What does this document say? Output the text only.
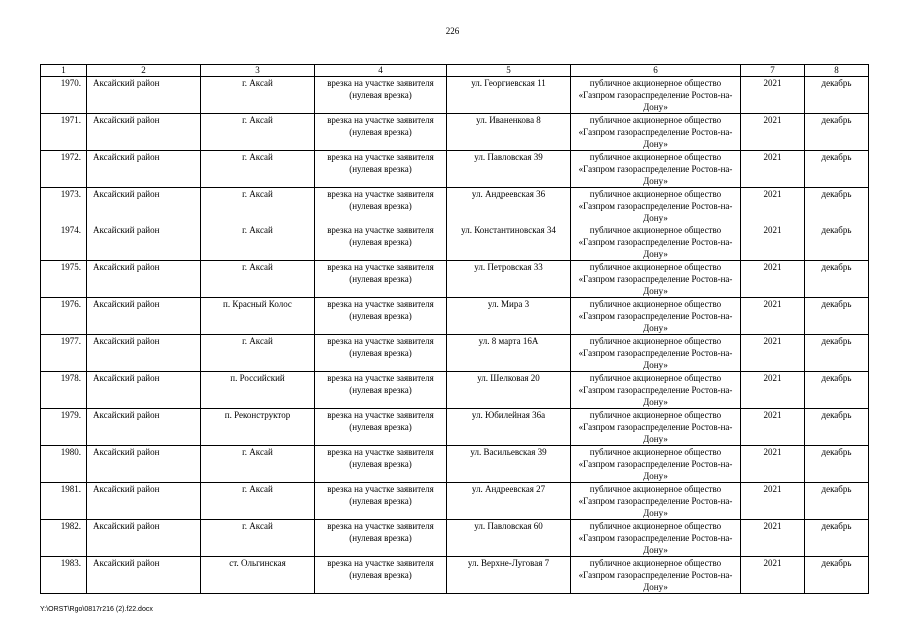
226
1	2	3	4	5	6	7	8
1970.	Аксайский район	г. Аксай	врезка на участке заявителя (нулевая врезка)	ул. Георгиевская 11	публичное акционерное общество «Газпром газораспределение Ростов-на-Дону»	2021	декабрь
1971.	Аксайский район	г. Аксай	врезка на участке заявителя (нулевая врезка)	ул. Иваненкова 8	публичное акционерное общество «Газпром газораспределение Ростов-на-Дону»	2021	декабрь
1972.	Аксайский район	г. Аксай	врезка на участке заявителя (нулевая врезка)	ул. Павловская 39	публичное акционерное общество «Газпром газораспределение Ростов-на-Дону»	2021	декабрь
1973.	Аксайский район	г. Аксай	врезка на участке заявителя (нулевая врезка)	ул. Андреевская 36	публичное акционерное общество «Газпром газораспределение Ростов-на-Дону»	2021	декабрь
1974.	Аксайский район	г. Аксай	врезка на участке заявителя (нулевая врезка)	ул. Константиновская 34	публичное акционерное общество «Газпром газораспределение Ростов-на-Дону»	2021	декабрь
1975.	Аксайский район	г. Аксай	врезка на участке заявителя (нулевая врезка)	ул. Петровская 33	публичное акционерное общество «Газпром газораспределение Ростов-на-Дону»	2021	декабрь
1976.	Аксайский район	п. Красный Колос	врезка на участке заявителя (нулевая врезка)	ул. Мира 3	публичное акционерное общество «Газпром газораспределение Ростов-на-Дону»	2021	декабрь
1977.	Аксайский район	г. Аксай	врезка на участке заявителя (нулевая врезка)	ул. 8 марта 16А	публичное акционерное общество «Газпром газораспределение Ростов-на-Дону»	2021	декабрь
1978.	Аксайский район	п. Российский	врезка на участке заявителя (нулевая врезка)	ул. Шелковая 20	публичное акционерное общество «Газпром газораспределение Ростов-на-Дону»	2021	декабрь
1979.	Аксайский район	п. Реконструктор	врезка на участке заявителя (нулевая врезка)	ул. Юбилейная 36а	публичное акционерное общество «Газпром газораспределение Ростов-на-Дону»	2021	декабрь
1980.	Аксайский район	г. Аксай	врезка на участке заявителя (нулевая врезка)	ул. Васильевская 39	публичное акционерное общество «Газпром газораспределение Ростов-на-Дону»	2021	декабрь
1981.	Аксайский район	г. Аксай	врезка на участке заявителя (нулевая врезка)	ул. Андреевская 27	публичное акционерное общество «Газпром газораспределение Ростов-на-Дону»	2021	декабрь
1982.	Аксайский район	г. Аксай	врезка на участке заявителя (нулевая врезка)	ул. Павловская 60	публичное акционерное общество «Газпром газораспределение Ростов-на-Дону»	2021	декабрь
1983.	Аксайский район	ст. Ольгинская	врезка на участке заявителя (нулевая врезка)	ул. Верхне-Луговая 7	публичное акционерное общество «Газпром газораспределение Ростов-на-Дону»	2021	декабрь
Y:\ORST\Rgo\0817r216 (2).f22.docx
